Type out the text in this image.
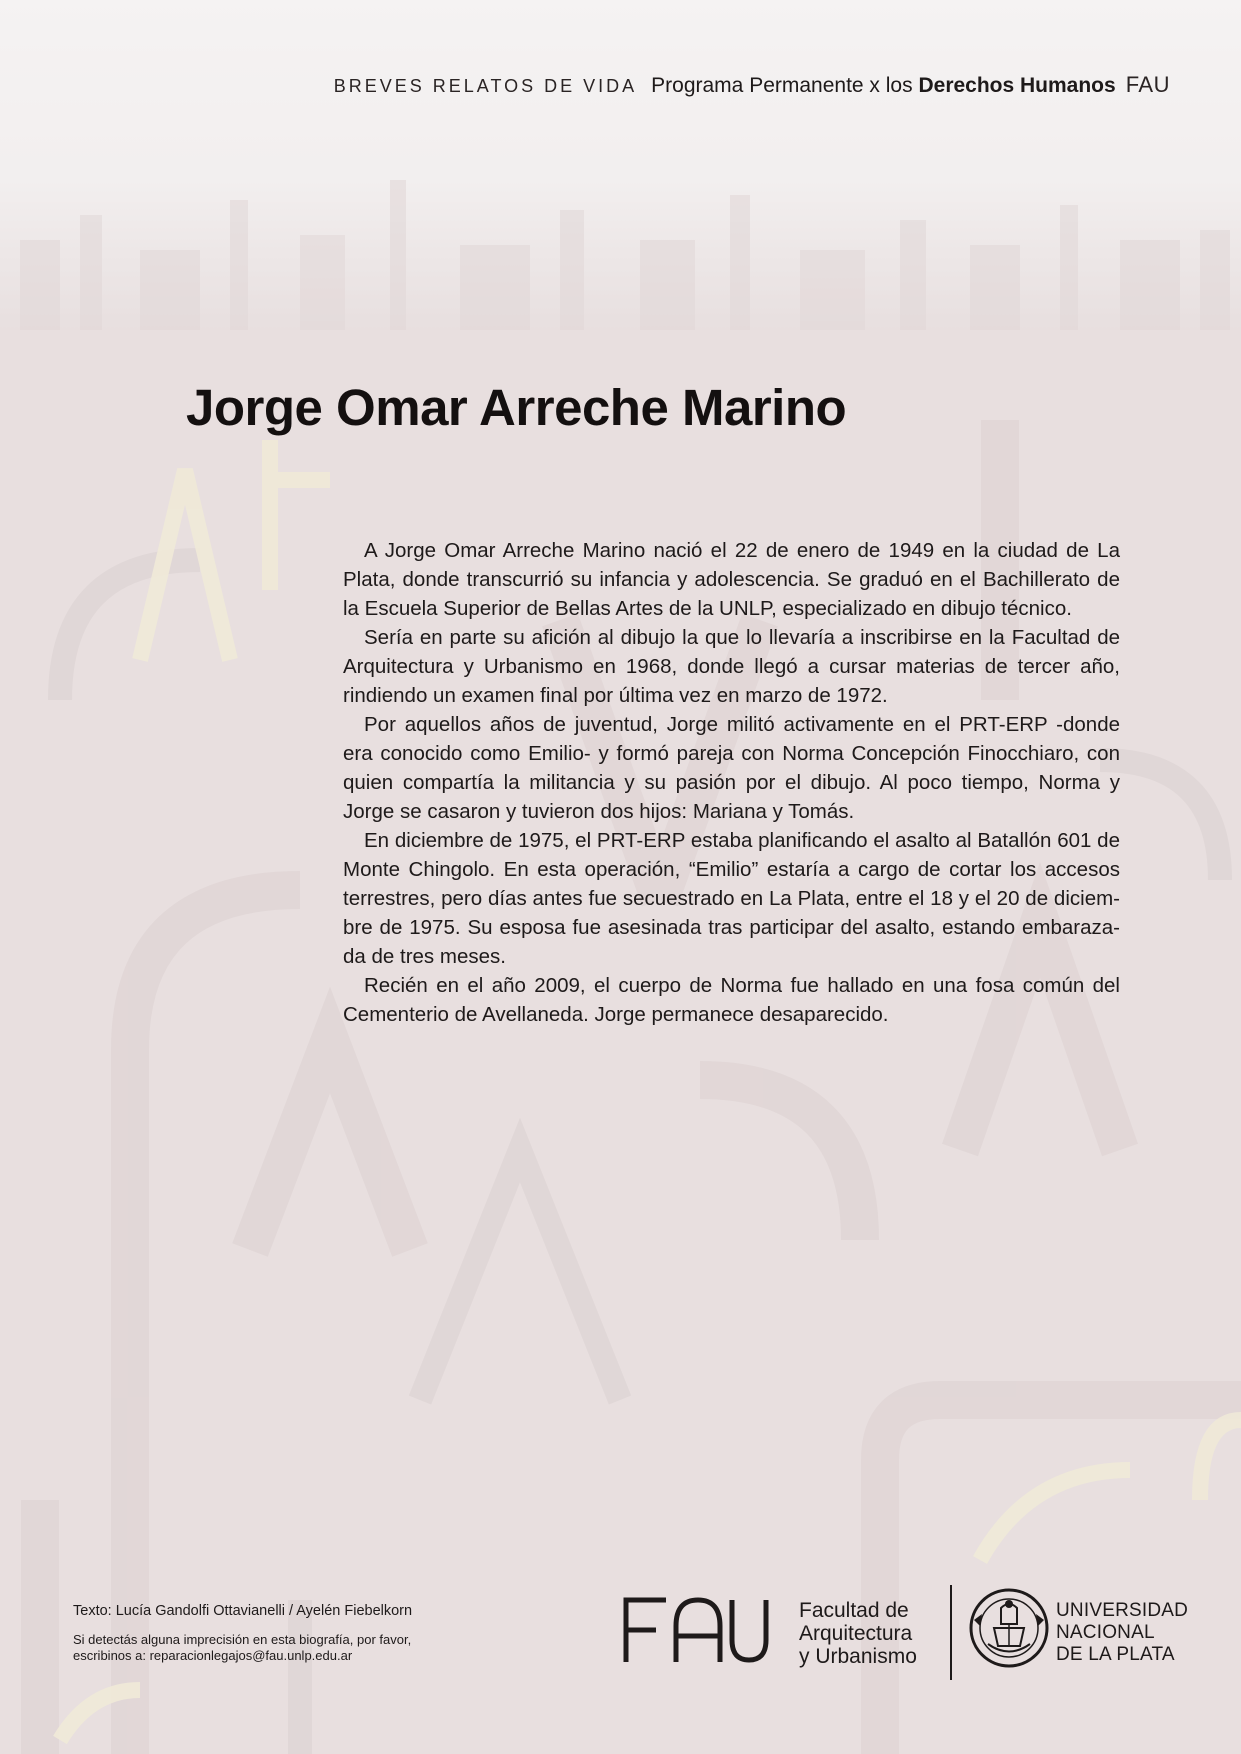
BREVES RELATOS DE VIDA Programa Permanente x los Derechos Humanos FAU
Jorge Omar Arreche Marino

A Jorge Omar Arreche Marino nació el 22 de enero de 1949 en la ciudad de La Plata, donde transcurrió su infancia y adolescencia. Se graduó en el Bachillerato de la Escuela Superior de Bellas Artes de la UNLP, especializado en dibujo técnico.

Sería en parte su afición al dibujo la que lo llevaría a inscribirse en la Facultad de Arquitectura y Urbanismo en 1968, donde llegó a cursar materias de tercer año, rindiendo un examen final por última vez en marzo de 1972.

Por aquellos años de juventud, Jorge militó activamente en el PRT-ERP -donde era conocido como Emilio- y formó pareja con Norma Concepción Finocchiaro, con quien compartía la militancia y su pasión por el dibujo. Al poco tiempo, Norma y Jorge se casaron y tuvieron dos hijos: Mariana y Tomás.

En diciembre de 1975, el PRT-ERP estaba planificando el asalto al Batallón 601 de Monte Chingolo. En esta operación, “Emilio” estaría a cargo de cortar los accesos terrestres, pero días antes fue secuestrado en La Plata, entre el 18 y el 20 de diciembre de 1975. Su esposa fue asesinada tras participar del asalto, estando embarazada de tres meses.

Recién en el año 2009, el cuerpo de Norma fue hallado en una fosa común del Cementerio de Avellaneda. Jorge permanece desaparecido.

Texto: Lucía Gandolfi Ottavianelli / Ayelén Fiebelkorn
Si detectás alguna imprecisión en esta biografía, por favor,
escribinos a: reparacionlegajos@fau.unlp.edu.ar
Facultad de
Arquitectura
y Urbanismo
UNIVERSIDAD
NACIONAL
DE LA PLATA
